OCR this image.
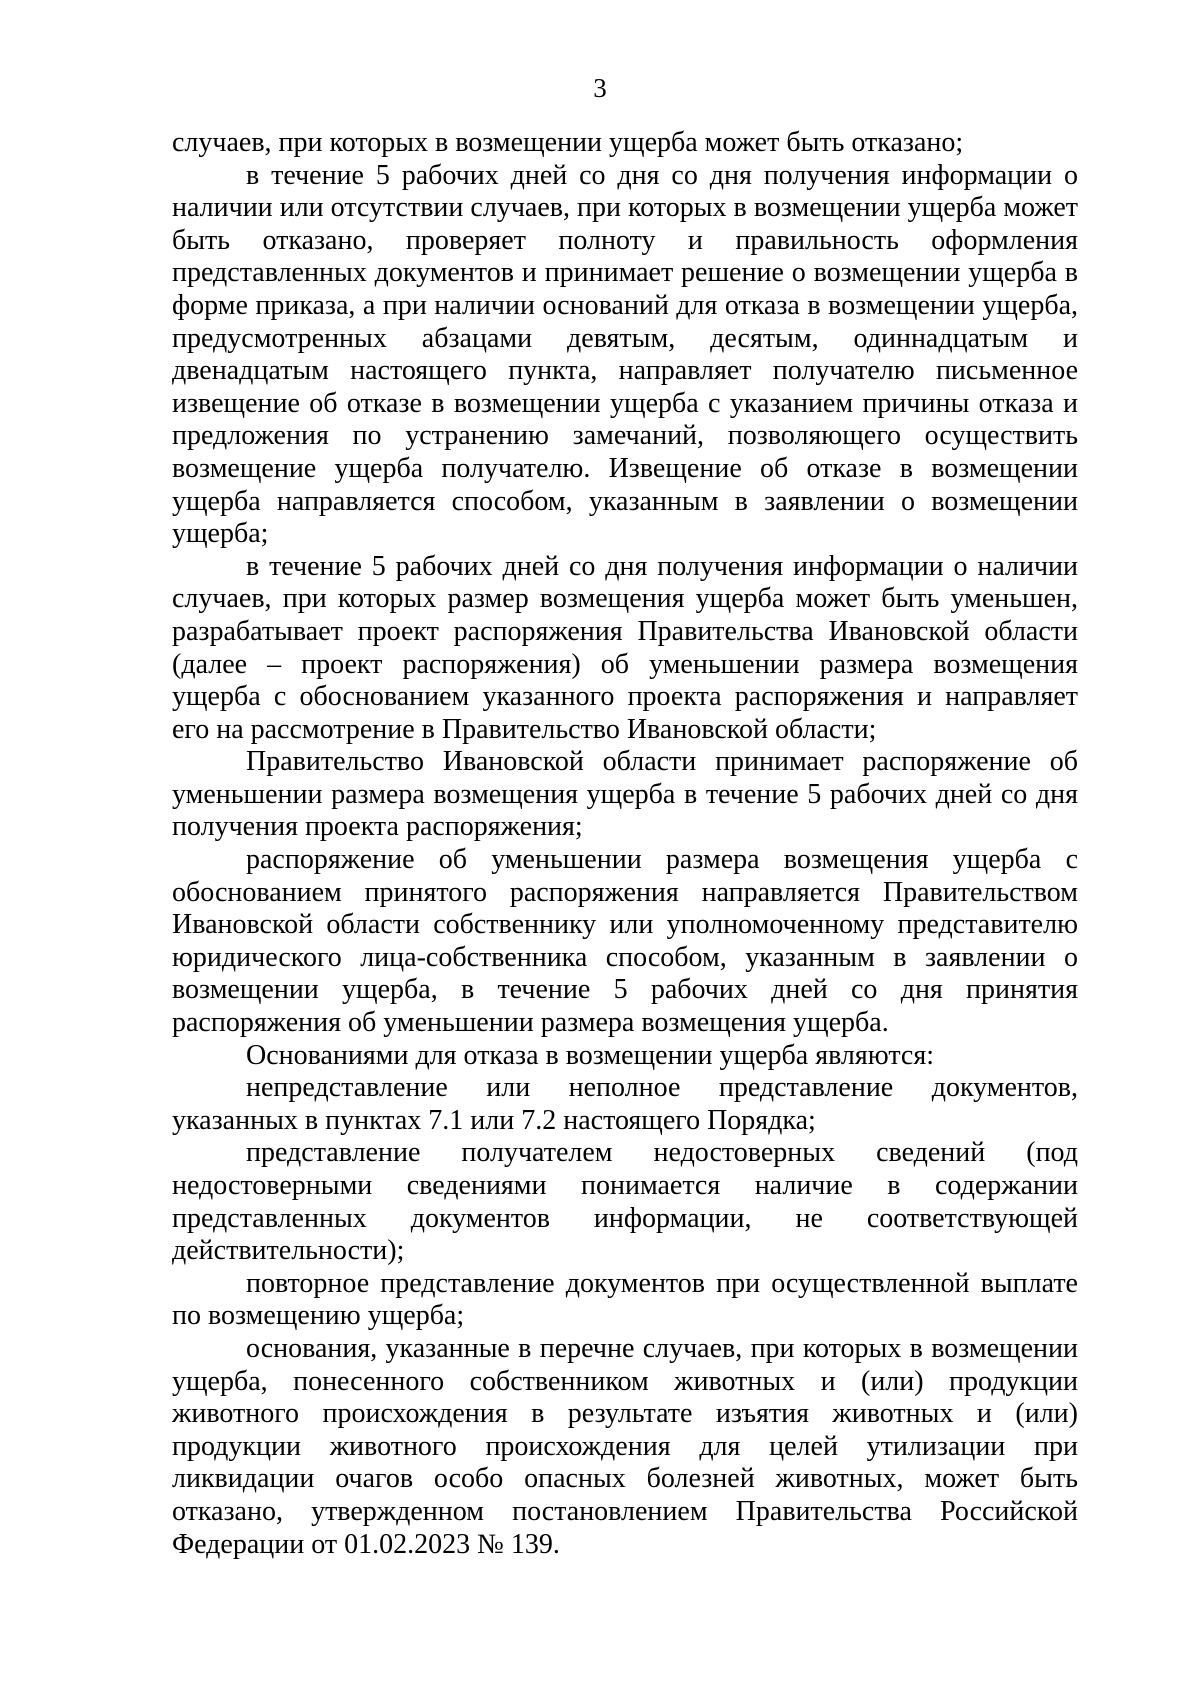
3

случаев, при которых в возмещении ущерба может быть отказано;

в течение 5 рабочих дней со дня со дня получения информации о наличии или отсутствии случаев, при которых в возмещении ущерба может быть отказано, проверяет полноту и правильность оформления представленных документов и принимает решение о возмещении ущерба в форме приказа, а при наличии оснований для отказа в возмещении ущерба, предусмотренных абзацами девятым, десятым, одиннадцатым и двенадцатым настоящего пункта, направляет получателю письменное извещение об отказе в возмещении ущерба с указанием причины отказа и предложения по устранению замечаний, позволяющего осуществить возмещение ущерба получателю. Извещение об отказе в возмещении ущерба направляется способом, указанным в заявлении о возмещении ущерба;

в течение 5 рабочих дней со дня получения информации о наличии случаев, при которых размер возмещения ущерба может быть уменьшен, разрабатывает проект распоряжения Правительства Ивановской области (далее – проект распоряжения) об уменьшении размера возмещения ущерба с обоснованием указанного проекта распоряжения и направляет его на рассмотрение в Правительство Ивановской области;

Правительство Ивановской области принимает распоряжение об уменьшении размера возмещения ущерба в течение 5 рабочих дней со дня получения проекта распоряжения;

распоряжение об уменьшении размера возмещения ущерба с обоснованием принятого распоряжения направляется Правительством Ивановской области собственнику или уполномоченному представителю юридического лица-собственника способом, указанным в заявлении о возмещении ущерба, в течение 5 рабочих дней со дня принятия распоряжения об уменьшении размера возмещения ущерба.

Основаниями для отказа в возмещении ущерба являются:

непредставление или неполное представление документов, указанных в пунктах 7.1 или 7.2 настоящего Порядка;

представление получателем недостоверных сведений (под недостоверными сведениями понимается наличие в содержании представленных документов информации, не соответствующей действительности);

повторное представление документов при осуществленной выплате по возмещению ущерба;

основания, указанные в перечне случаев, при которых в возмещении ущерба, понесенного собственником животных и (или) продукции животного происхождения в результате изъятия животных и (или) продукции животного происхождения для целей утилизации при ликвидации очагов особо опасных болезней животных, может быть отказано, утвержденном постановлением Правительства Российской Федерации от 01.02.2023 № 139.
